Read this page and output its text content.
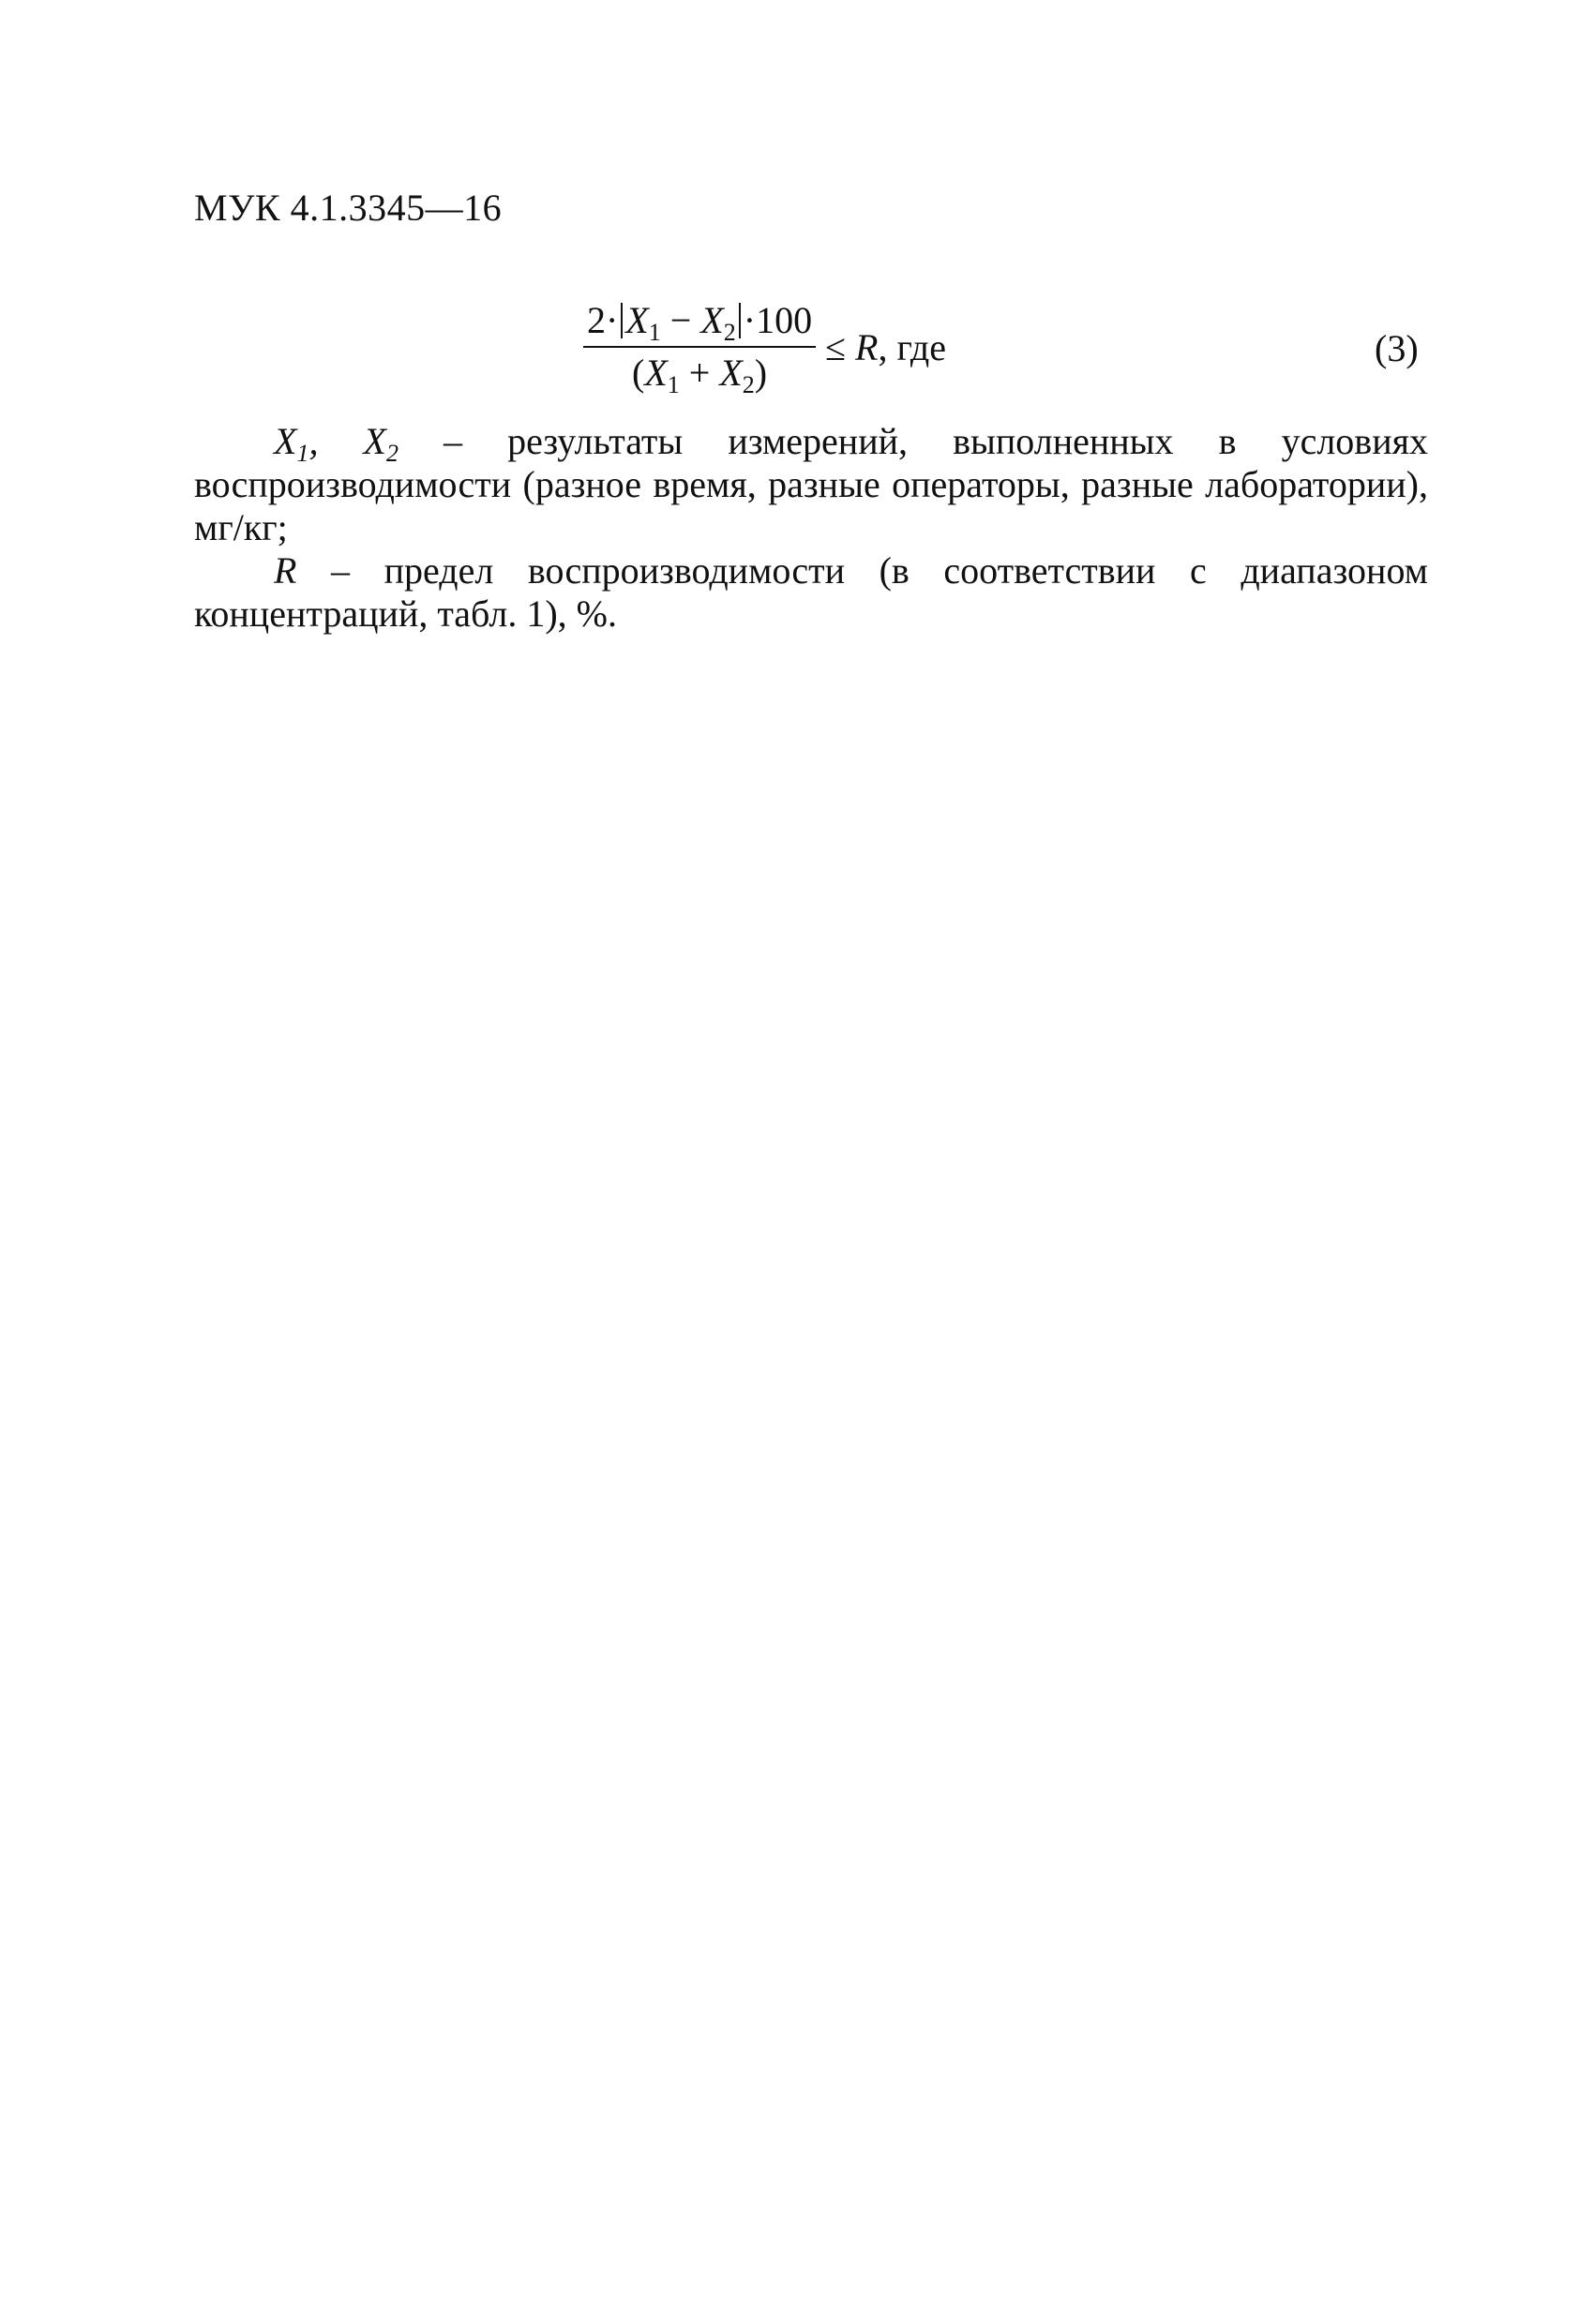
МУК 4.1.3345—16
$\frac{2\cdot X_1 - X_2 \cdot 100}{(X_1 + X_2)} \le R$, где	(3)

$X_1$, $X_2$ – результаты измерений, выполненных в условиях воспроизводимости (разное время, разные операторы, разные лаборатории), мг/кг;

R – предел воспроизводимости (в соответствии с диапазоном концентраций, табл. 1), %.
